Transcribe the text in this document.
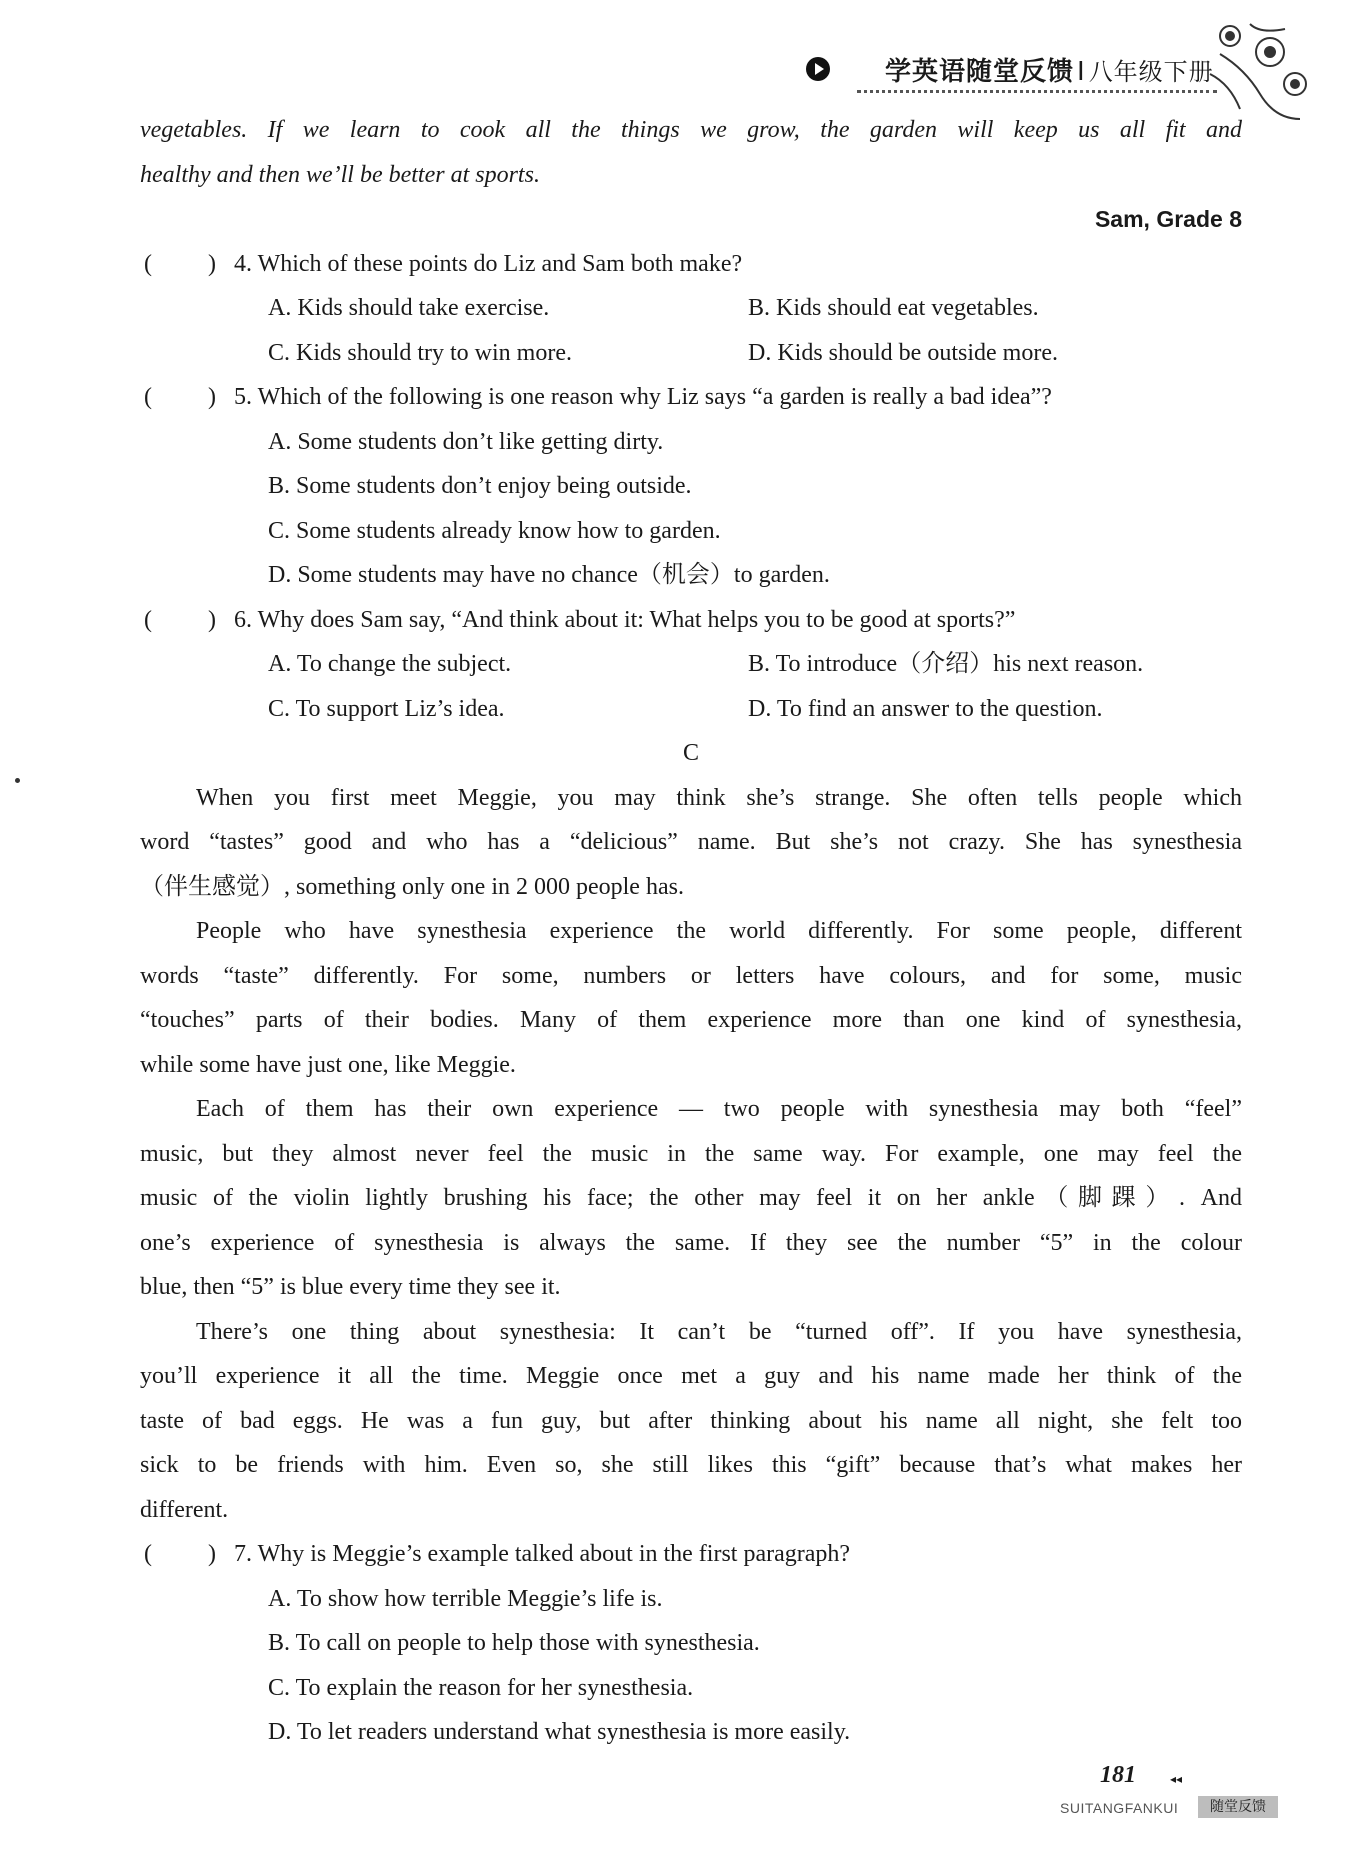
学英语随堂反馈 I 八年级下册
vegetables. If we learn to cook all the things we grow, the garden will keep us all fit and
healthy and then we’ll be better at sports.
Sam, Grade 8
( ) 4. Which of these points do Liz and Sam both make?
A. Kids should take exercise.	B. Kids should eat vegetables.
C. Kids should try to win more.	D. Kids should be outside more.
( ) 5. Which of the following is one reason why Liz says “a garden is really a bad idea”?
A. Some students don’t like getting dirty.
B. Some students don’t enjoy being outside.
C. Some students already know how to garden.
D. Some students may have no chance（机会）to garden.
( ) 6. Why does Sam say, “And think about it: What helps you to be good at sports?”
A. To change the subject.	B. To introduce（介绍）his next reason.
C. To support Liz’s idea.	D. To find an answer to the question.
C
When you first meet Meggie, you may think she’s strange. She often tells people which
word “tastes” good and who has a “delicious” name. But she’s not crazy. She has synesthesia
（伴生感觉）, something only one in 2 000 people has.
People who have synesthesia experience the world differently. For some people, different
words “taste” differently. For some, numbers or letters have colours, and for some, music
“touches” parts of their bodies. Many of them experience more than one kind of synesthesia,
while some have just one, like Meggie.
Each of them has their own experience — two people with synesthesia may both “feel”
music, but they almost never feel the music in the same way. For example, one may feel the
music of the violin lightly brushing his face; the other may feel it on her ankle（脚踝）. And
one’s experience of synesthesia is always the same. If they see the number “5” in the colour
blue, then “5” is blue every time they see it.
There’s one thing about synesthesia: It can’t be “turned off”. If you have synesthesia,
you’ll experience it all the time. Meggie once met a guy and his name made her think of the
taste of bad eggs. He was a fun guy, but after thinking about his name all night, she felt too
sick to be friends with him. Even so, she still likes this “gift” because that’s what makes her
different.
( ) 7. Why is Meggie’s example talked about in the first paragraph?
A. To show how terrible Meggie’s life is.
B. To call on people to help those with synesthesia.
C. To explain the reason for her synesthesia.
D. To let readers understand what synesthesia is more easily.
181	◂◂
SUITANGFANKUI	随堂反馈
